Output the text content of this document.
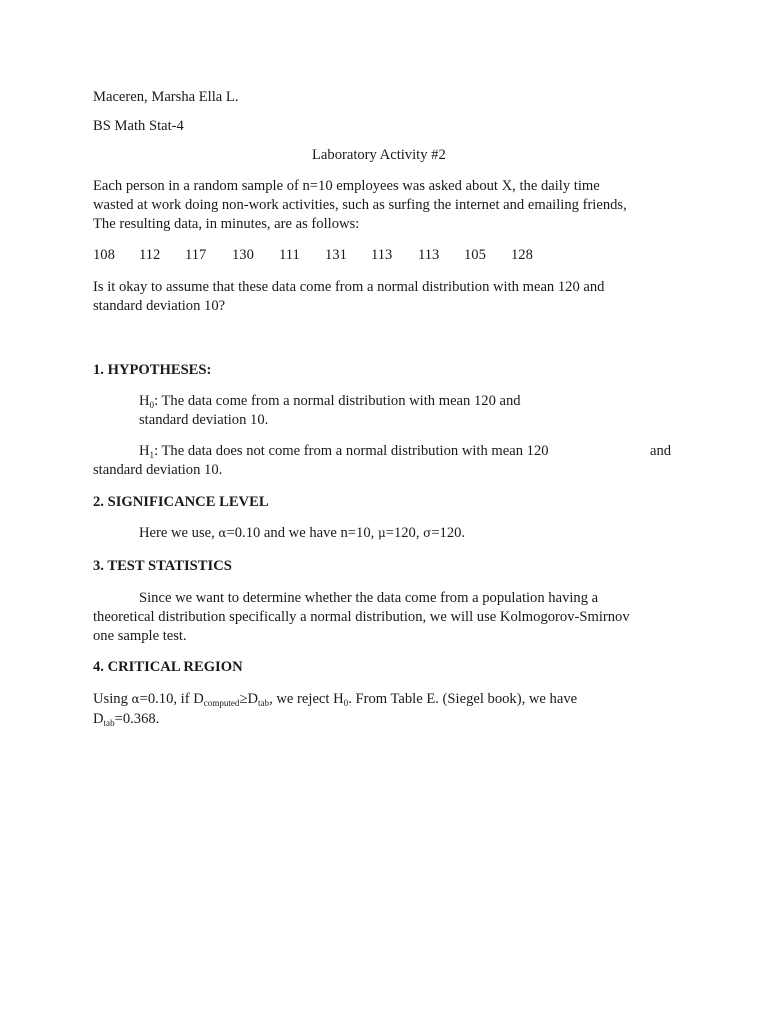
Maceren, Marsha Ella L.

BS Math Stat-4

Laboratory Activity #2

Each person in a random sample of n=10 employees was asked about X, the daily time

wasted at work doing non-work activities, such as surfing the internet and emailing friends,

The resulting data, in minutes, are as follows:

108 112 117 130 111 131 113 113 105 128

Is it okay to assume that these data come from a normal distribution with mean 120 and

standard deviation 10?

1. HYPOTHESES:

$H_0$: The data come from a normal distribution with mean 120 and

standard deviation 10.

$H_1$: The data does not come from a normal distribution with mean 120	and

standard deviation 10.

2. SIGNIFICANCE LEVEL

Here we use, α=0.10 and we have n=10, μ=120, σ=120.

3. TEST STATISTICS

Since we want to determine whether the data come from a population having a

theoretical distribution specifically a normal distribution, we will use Kolmogorov-Smirnov

one sample test.

4. CRITICAL REGION

Using α=0.10, if $D_{computed}\ge D_{tab}$, we reject $H_0$. From Table E. (Siegel book), we have

$D_{tab}=0.368$.
